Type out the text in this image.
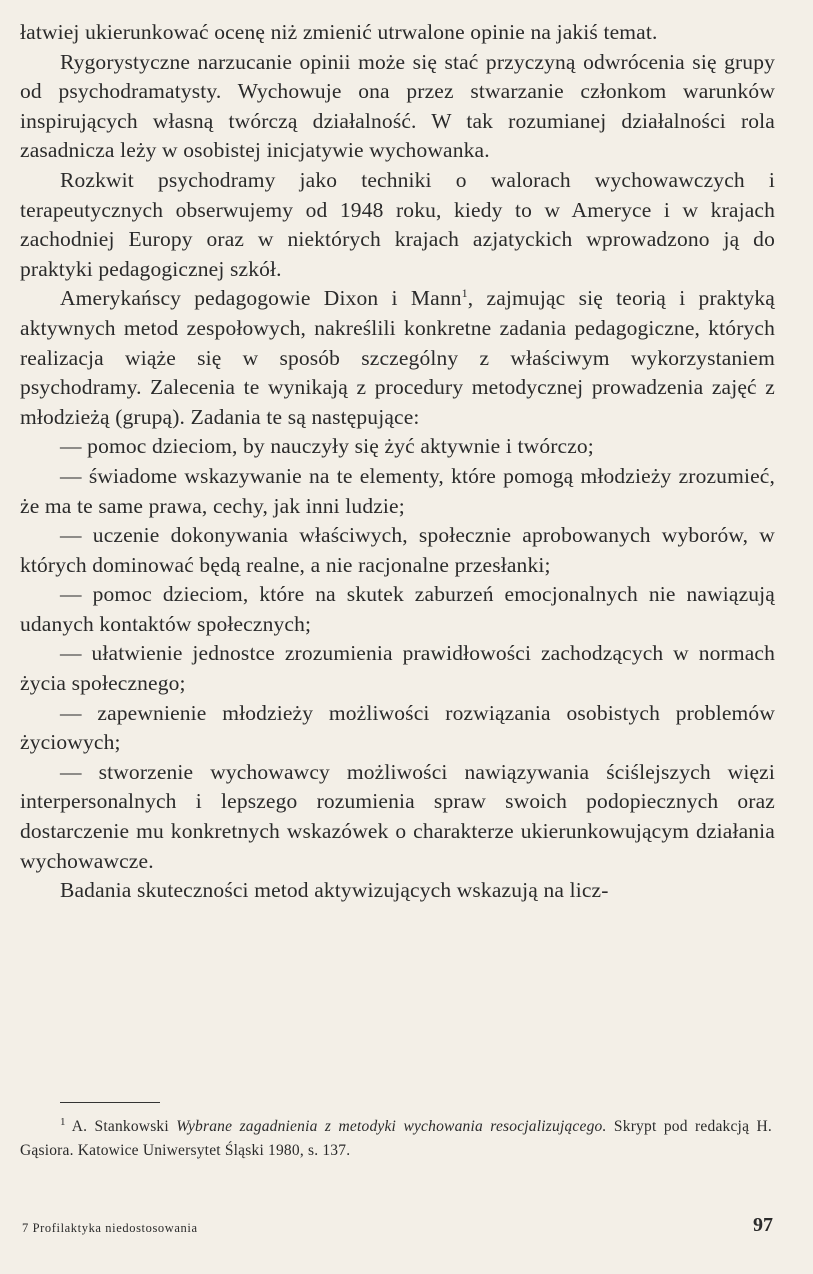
łatwiej ukierunkować ocenę niż zmienić utrwalone opinie na jakiś temat.

Rygorystyczne narzucanie opinii może się stać przyczyną odwrócenia się grupy od psychodramatysty. Wychowuje ona przez stwarzanie członkom warunków inspirujących własną twórczą działalność. W tak rozumianej działalności rola zasadnicza leży w osobistej inicjatywie wychowanka.

Rozkwit psychodramy jako techniki o walorach wychowawczych i terapeutycznych obserwujemy od 1948 roku, kiedy to w Ameryce i w krajach zachodniej Europy oraz w niektórych krajach azjatyckich wprowadzono ją do praktyki pedagogicznej szkół.

Amerykańscy pedagogowie Dixon i Mann$^1$, zajmując się teorią i praktyką aktywnych metod zespołowych, nakreślili konkretne zadania pedagogiczne, których realizacja wiąże się w sposób szczególny z właściwym wykorzystaniem psychodramy. Zalecenia te wynikają z procedury metodycznej prowadzenia zajęć z młodzieżą (grupą). Zadania te są następujące:

— pomoc dzieciom, by nauczyły się żyć aktywnie i twórczo;

— świadome wskazywanie na te elementy, które pomogą młodzieży zrozumieć, że ma te same prawa, cechy, jak inni ludzie;

— uczenie dokonywania właściwych, społecznie aprobowanych wyborów, w których dominować będą realne, a nie racjonalne przesłanki;

— pomoc dzieciom, które na skutek zaburzeń emocjonalnych nie nawiązują udanych kontaktów społecznych;

— ułatwienie jednostce zrozumienia prawidłowości zachodzących w normach życia społecznego;

— zapewnienie młodzieży możliwości rozwiązania osobistych problemów życiowych;

— stworzenie wychowawcy możliwości nawiązywania ściślejszych więzi interpersonalnych i lepszego rozumienia spraw swoich podopiecznych oraz dostarczenie mu konkretnych wskazówek o charakterze ukierunkowującym działania wychowawcze.

Badania skuteczności metod aktywizujących wskazują na licz-

$^1$ A. Stankowski Wybrane zagadnienia z metodyki wychowania resocjalizującego. Skrypt pod redakcją H. Gąsiora. Katowice Uniwersytet Śląski 1980, s. 137.
7 Profilaktyka niedostosowania	97
